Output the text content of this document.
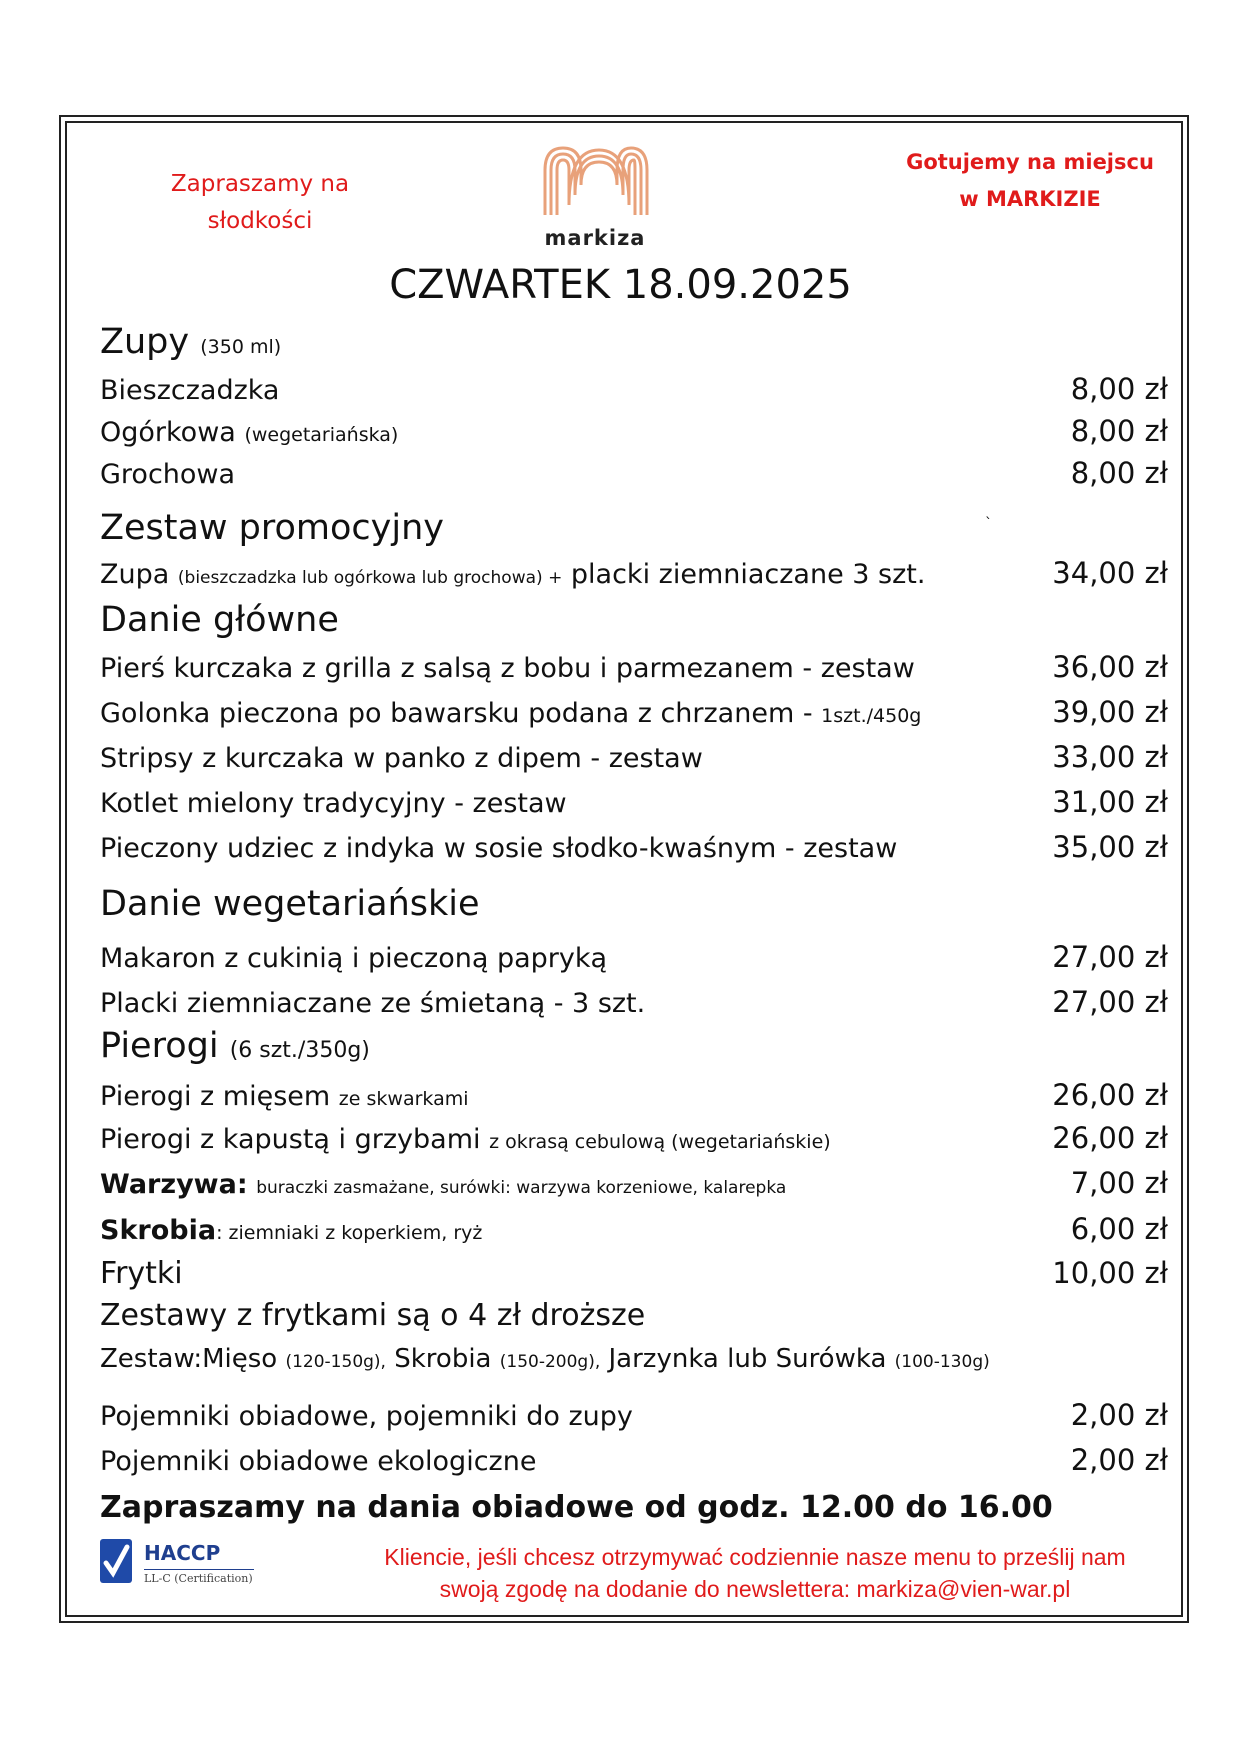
Zapraszamy na
słodkości
markiza
Gotujemy na miejscu
w MARKIZIE
CZWARTEK 18.09.2025
Zupy (350 ml)
Bieszczadzka	8,00 zł
Ogórkowa (wegetariańska)	8,00 zł
Grochowa	8,00 zł
Zestaw promocyjny	`
Zupa (bieszczadzka lub ogórkowa lub grochowa) + placki ziemniaczane 3 szt.	34,00 zł
Danie główne
Pierś kurczaka z grilla z salsą z bobu i parmezanem - zestaw	36,00 zł
Golonka pieczona po bawarsku podana z chrzanem - 1szt./450g	39,00 zł
Stripsy z kurczaka w panko z dipem - zestaw	33,00 zł
Kotlet mielony tradycyjny - zestaw	31,00 zł
Pieczony udziec z indyka w sosie słodko-kwaśnym - zestaw	35,00 zł
Danie wegetariańskie
Makaron z cukinią i pieczoną papryką	27,00 zł
Placki ziemniaczane ze śmietaną - 3 szt.	27,00 zł
Pierogi (6 szt./350g)
Pierogi z mięsem ze skwarkami	26,00 zł
Pierogi z kapustą i grzybami z okrasą cebulową (wegetariańskie)	26,00 zł
Warzywa: buraczki zasmażane, surówki: warzywa korzeniowe, kalarepka	7,00 zł
Skrobia: ziemniaki z koperkiem, ryż	6,00 zł
Frytki	10,00 zł
Zestawy z frytkami są o 4 zł droższe
Zestaw:Mięso (120-150g), Skrobia (150-200g), Jarzynka lub Surówka (100-130g)
Pojemniki obiadowe, pojemniki do zupy	2,00 zł
Pojemniki obiadowe ekologiczne	2,00 zł
Zapraszamy na dania obiadowe od godz. 12.00 do 16.00
HACCP
LL-C (Certification)
Kliencie, jeśli chcesz otrzymywać codziennie nasze menu to prześlij nam
swoją zgodę na dodanie do newslettera: markiza@vien-war.pl
